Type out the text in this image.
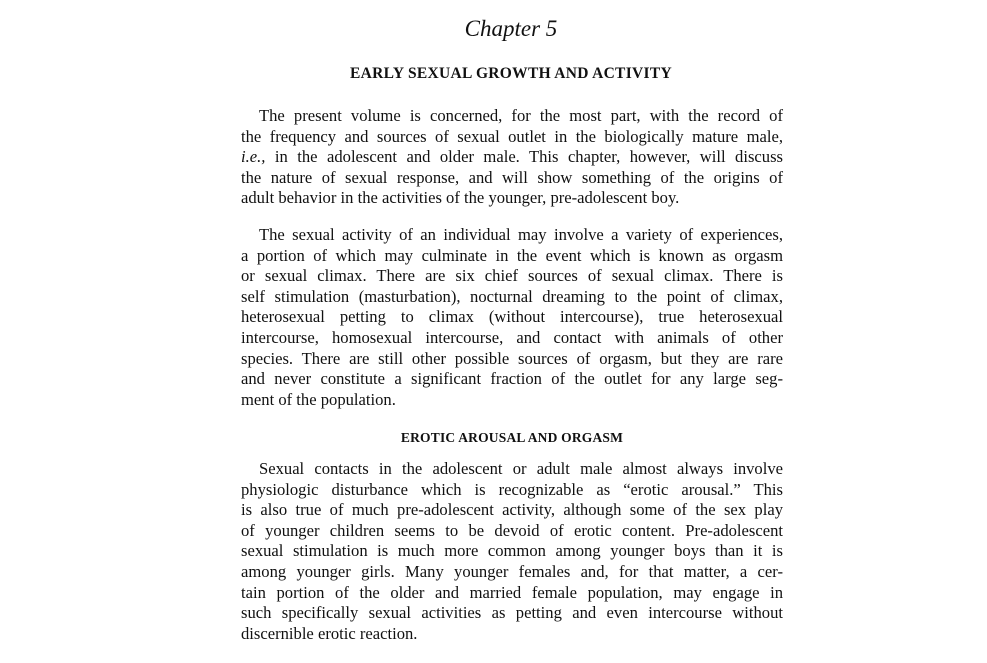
Chapter 5
EARLY SEXUAL GROWTH AND ACTIVITY
The present volume is concerned, for the most part, with the record of
the frequency and sources of sexual outlet in the biologically mature male,
i.e., in the adolescent and older male. This chapter, however, will discuss
the nature of sexual response, and will show something of the origins of
adult behavior in the activities of the younger, pre-adolescent boy.
The sexual activity of an individual may involve a variety of experiences,
a portion of which may culminate in the event which is known as orgasm
or sexual climax. There are six chief sources of sexual climax. There is
self stimulation (masturbation), nocturnal dreaming to the point of climax,
heterosexual petting to climax (without intercourse), true heterosexual
intercourse, homosexual intercourse, and contact with animals of other
species. There are still other possible sources of orgasm, but they are rare
and never constitute a significant fraction of the outlet for any large seg-
ment of the population.
EROTIC AROUSAL AND ORGASM
Sexual contacts in the adolescent or adult male almost always involve
physiologic disturbance which is recognizable as “erotic arousal.” This
is also true of much pre-adolescent activity, although some of the sex play
of younger children seems to be devoid of erotic content. Pre-adolescent
sexual stimulation is much more common among younger boys than it is
among younger girls. Many younger females and, for that matter, a cer-
tain portion of the older and married female population, may engage in
such specifically sexual activities as petting and even intercourse without
discernible erotic reaction.
